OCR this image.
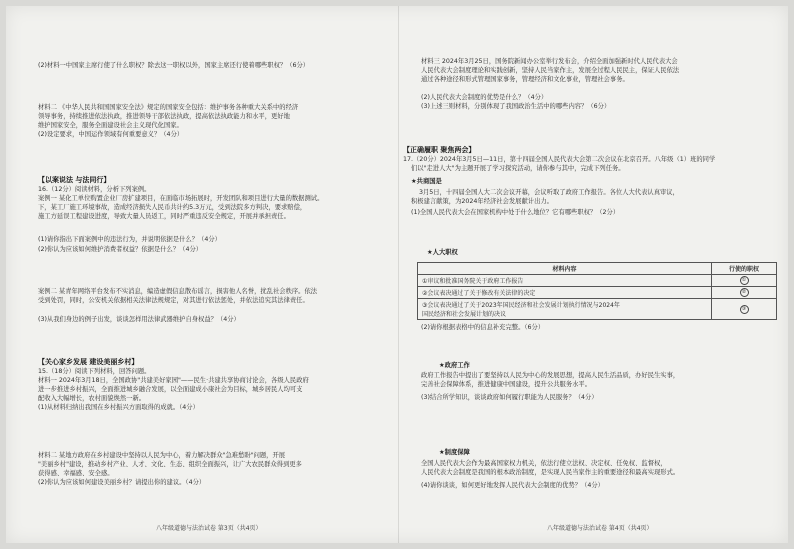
(2)材料一中国家主席行使了什么职权？除去这一职权以外，国家主席还行使着哪些职权？（6分）
材料二 《中华人民共和国国家安全法》规定的国家安全包括：维护事务各种重大关系中的经济
领导事务，持续推进依法执政，推进领导干部依法执政，提高依法执政能力和水平，更好地
维护国家安全，服务全面建设社会主义现代化国家。
(2)设定要求，中国运作领域有何重要意义？（4分）
【以案说法 与法同行】
16.（12分）阅读材料，分析下列案例。
案例一 某化工单位购置企业厂房扩建项目，在面临市场拓展时，开发团队和项目进行大量的数据测试。
下，某工厂施工环境事故，造成经济损失人民币共计约5.3万元，受到法院多方判决，要求赔偿，
施工方延误工程建设进度，导致大量人员返工，同时严重违反安全规定，开展并承担责任。
(1)请你指出下面案例中的违法行为，并说明依据是什么？（4分）
(2)你认为应该如何维护消费者权益？依据是什么？（4分）
案例二 某青年网络平台发布不实消息，编造虚假信息散布谣言，损害他人名誉，扰乱社会秩序。依法
受到处罚，同时，公安机关依据相关法律法规规定，对其进行依法惩处，并依法追究其法律责任。
(3)从我们身边的例子出发，谈谈怎样用法律武器维护自身权益？（4分）
【关心家乡发展 建设美丽乡村】
15.（18分）阅读下列材料，回答问题。
材料一 2024年3月18日，全国政协"共建美好家园"——民生·共建共享协商讨论会，各级人民政府
进一步推进乡村振兴，全面推进城乡融合发展，以全面建成小康社会为目标，城乡居民人均可支
配收入大幅增长，农村面貌焕然一新。
(1)从材料归纳出我国在乡村振兴方面取得的成就。（4分）
材料二 某地方政府在乡村建设中坚持以人民为中心，着力解决群众"急难愁盼"问题，开展
"美丽乡村"建设，推动乡村产业、人才、文化、生态、组织全面振兴，让广大农民群众得到更多
获得感、幸福感、安全感。
(2)你认为应该如何建设美丽乡村？请提出你的建议。（4分）
八年级道德与法治试卷 第3页（共4页）
材料三 2024年3月25日，国务院新闻办公室举行发布会，介绍全面加强新时代人民代表大会
人民代表大会制度理论和实践创新，坚持人民当家作主，发展全过程人民民主，保证人民依法
通过各种途径和形式管理国家事务，管理经济和文化事业，管理社会事务。
(2)人民代表大会制度的优势是什么？（4分）
(3)上述三则材料，分别体现了我国政治生活中的哪些内容？（6分）
【正确履职 聚焦两会】
17.（20分）2024年3月5日—11日，第十四届全国人民代表大会第二次会议在北京召开。八年级（1）班的同学
们以"走进人大"为主题开展了学习探究活动，请你参与其中，完成下列任务。
★共商国是
3月5日，十四届全国人大二次会议开幕，会议听取了政府工作报告。各位人大代表认真审议，
积极建言献策，为2024年经济社会发展献计出力。
(1)全国人民代表大会在国家机构中处于什么地位？它有哪些职权？（2分）
★人大职权
材料内容	行使的职权
①审议和批准国务院关于政府工作报告	①
②会议表决通过了关于修改有关法律的决定	②

③会议表决通过了关于2023年国民经济和社会发展计划执行情况与2024年
国民经济和社会发展计划的决议	③
(2)请你根据表格中的信息补充完整。（6分）
★政府工作
政府工作报告中提出了要坚持以人民为中心的发展思想，提高人民生活品质，办好民生实事，
完善社会保障体系，推进健康中国建设，提升公共服务水平。
(3)结合所学知识，谈谈政府如何履行职能为人民服务？（4分）
★制度保障
全国人民代表大会作为最高国家权力机关，依法行使立法权、决定权、任免权、监督权，
人民代表大会制度是我国的根本政治制度，是实现人民当家作主的重要途径和最高实现形式。
(4)请你谈谈，如何更好地发挥人民代表大会制度的优势？（4分）
八年级道德与法治试卷 第4页（共4页）
